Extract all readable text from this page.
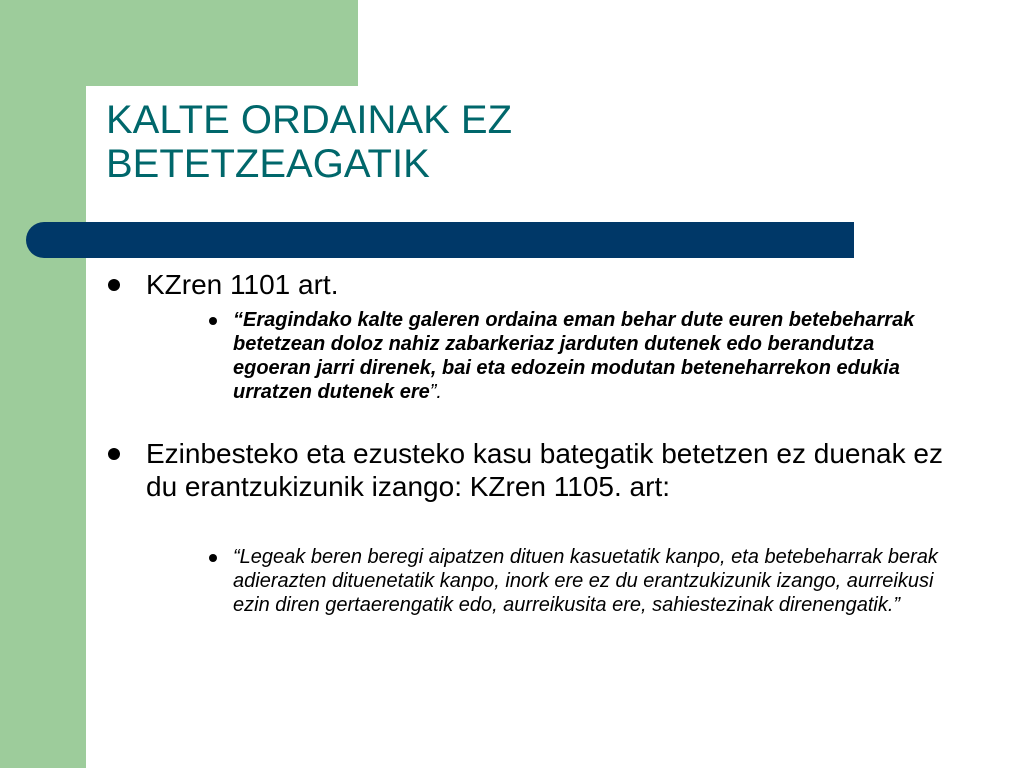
KALTE ORDAINAK EZ
BETETZEAGATIK

KZren 1101 art.

“Eragindako kalte galeren ordaina eman behar dute euren betebeharrak betetzean doloz nahiz zabarkeriaz jarduten dutenek edo berandutza egoeran jarri direnek, bai eta edozein modutan beteneharrekon edukia urratzen dutenek ere”.

Ezinbesteko eta ezusteko kasu bategatik betetzen ez duenak ez du erantzukizunik izango: KZren 1105. art:

“Legeak beren beregi aipatzen dituen kasuetatik kanpo, eta betebeharrak berak adierazten dituenetatik kanpo, inork ere ez du erantzukizunik izango, aurreikusi ezin diren gertaerengatik edo, aurreikusita ere, sahiestezinak direnengatik.”
